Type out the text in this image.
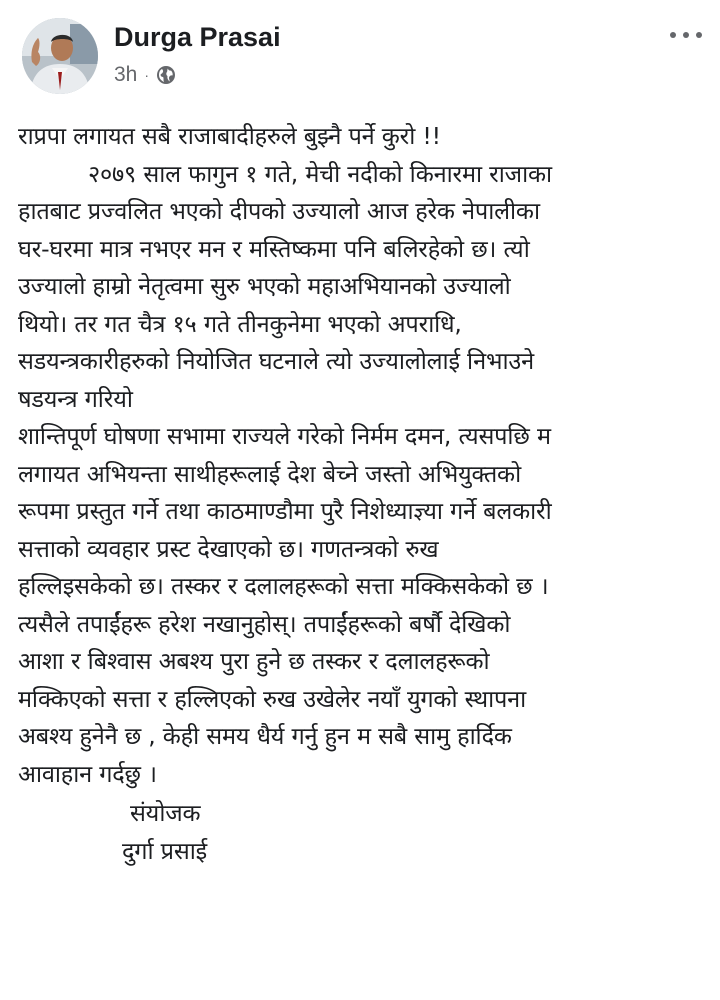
Durga Prasai
3h ·
राप्रपा लगायत सबै राजाबादीहरुले बुझ्नै पर्ने कुरो !!
२०७९ साल फागुन १ गते, मेची नदीको किनारमा राजाका
हातबाट प्रज्वलित भएको दीपको उज्यालो आज हरेक नेपालीका
घर-घरमा मात्र नभएर मन र मस्तिष्कमा पनि बलिरहेको छ। त्यो
उज्यालो हाम्रो नेतृत्वमा सुरु भएको महाअभियानको उज्यालो
थियो। तर गत चैत्र १५ गते तीनकुनेमा भएको अपराधि,
सडयन्त्रकारीहरुको नियोजित घटनाले त्यो उज्यालोलाई निभाउने
षडयन्त्र गरियो
शान्तिपूर्ण घोषणा सभामा राज्यले गरेको निर्मम दमन, त्यसपछि म
लगायत अभियन्ता साथीहरूलाई देश बेच्ने जस्तो अभियुक्तको
रूपमा प्रस्तुत गर्ने तथा काठमाण्डौमा पुरै निशेध्याज्ञ्या गर्ने बलकारी
सत्ताको व्यवहार प्रस्ट देखाएको छ। गणतन्त्रको रुख
हल्लिइसकेको छ। तस्कर र दलालहरूको सत्ता मक्किसकेको छ ।
त्यसैले तपाईंहरू हरेश नखानुहोस्। तपाईंहरूको बर्षौ देखिको
आशा र बिश्वास अबश्य पुरा हुने छ तस्कर र दलालहरूको
मक्किएको सत्ता र हल्लिएको रुख उखेलेर नयाँ युगको स्थापना
अबश्य हुनेनै छ , केही समय धैर्य गर्नु हुन म सबै सामु हार्दिक
आवाहान गर्दछु ।
संयोजक
दुर्गा प्रसाई
